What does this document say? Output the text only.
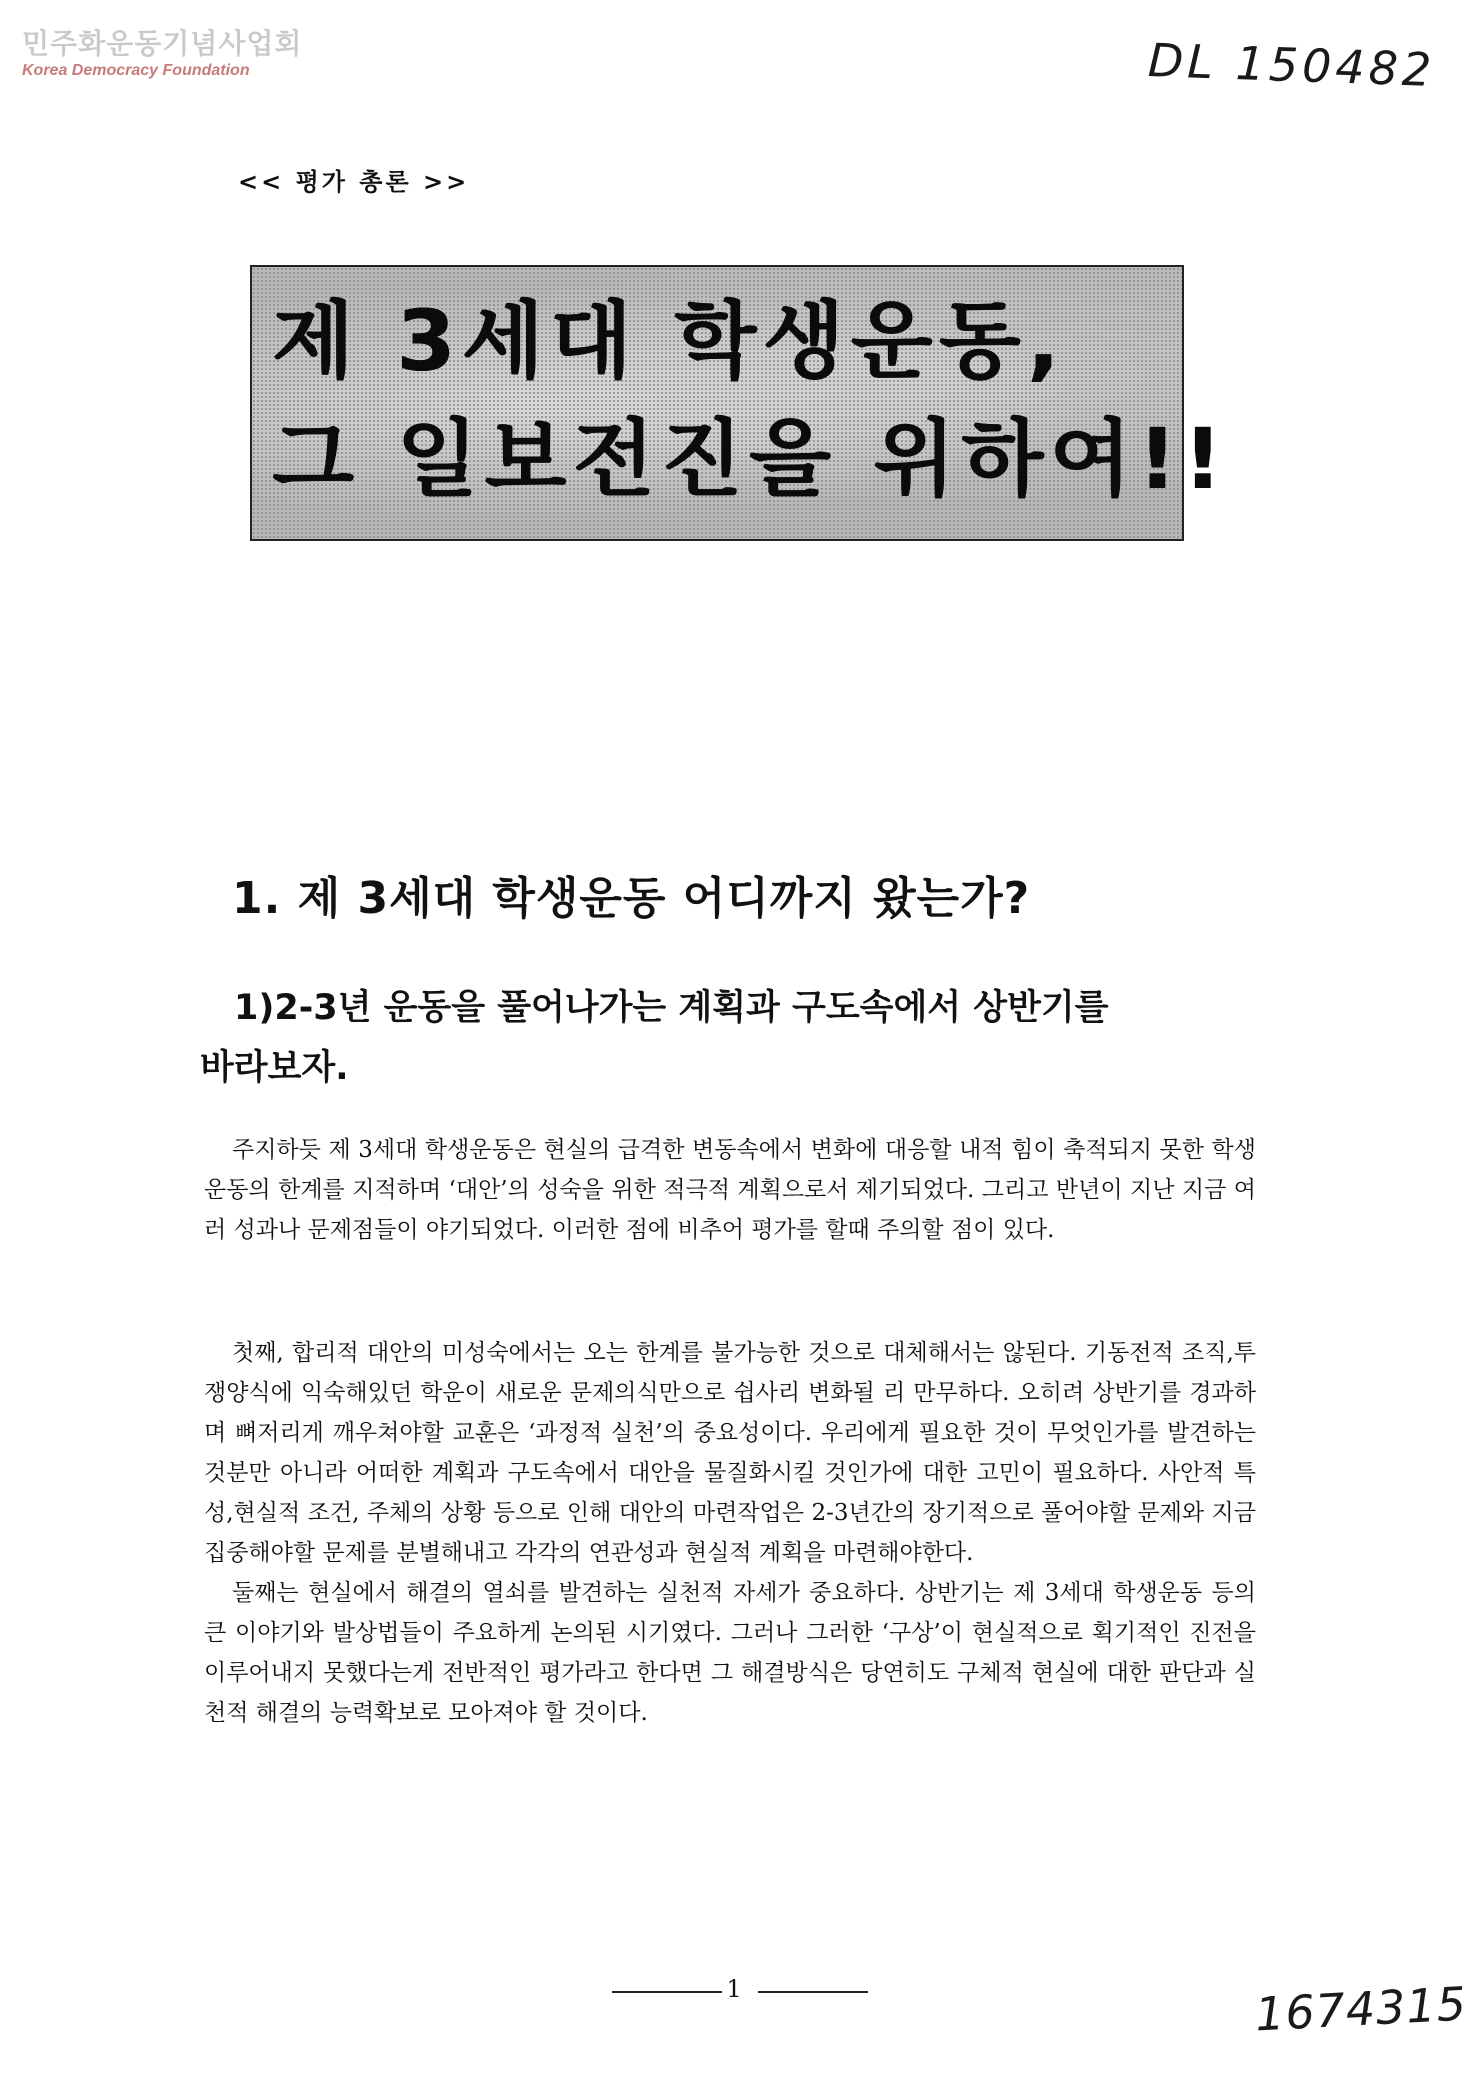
민주화운동기념사업회
Korea Democracy Foundation	DL 150482
<< 평가 총론 >>
제 3세대 학생운동,
그 일보전진을 위하여!!
1. 제 3세대 학생운동 어디까지 왔는가?
1)2-3년 운동을 풀어나가는 계획과 구도속에서 상반기를
바라보자.

주지하듯 제 3세대 학생운동은 현실의 급격한 변동속에서 변화에 대응할 내적 힘이 축적되지 못한 학생운동의 한계를 지적하며 ‘대안’의 성숙을 위한 적극적 계획으로서 제기되었다. 그리고 반년이 지난 지금 여러 성과나 문제점들이 야기되었다. 이러한 점에 비추어 평가를 할때 주의할 점이 있다.

첫째, 합리적 대안의 미성숙에서는 오는 한계를 불가능한 것으로 대체해서는 않된다. 기동전적 조직,투쟁양식에 익숙해있던 학운이 새로운 문제의식만으로 쉽사리 변화될 리 만무하다. 오히려 상반기를 경과하며 뼈저리게 깨우쳐야할 교훈은 ‘과정적 실천’의 중요성이다. 우리에게 필요한 것이 무엇인가를 발견하는 것분만 아니라 어떠한 계획과 구도속에서 대안을 물질화시킬 것인가에 대한 고민이 필요하다. 사안적 특성,현실적 조건, 주체의 상황 등으로 인해 대안의 마련작업은 2-3년간의 장기적으로 풀어야할 문제와 지금 집중해야할 문제를 분별해내고 각각의 연관성과 현실적 계획을 마련해야한다.

둘째는 현실에서 해결의 열쇠를 발견하는 실천적 자세가 중요하다. 상반기는 제 3세대 학생운동 등의 큰 이야기와 발상법들이 주요하게 논의된 시기였다. 그러나 그러한 ‘구상’이 현실적으로 획기적인 진전을 이루어내지 못했다는게 전반적인 평가라고 한다면 그 해결방식은 당연히도 구체적 현실에 대한 판단과 실천적 해결의 능력확보로 모아져야 할 것이다.

1	1674315
